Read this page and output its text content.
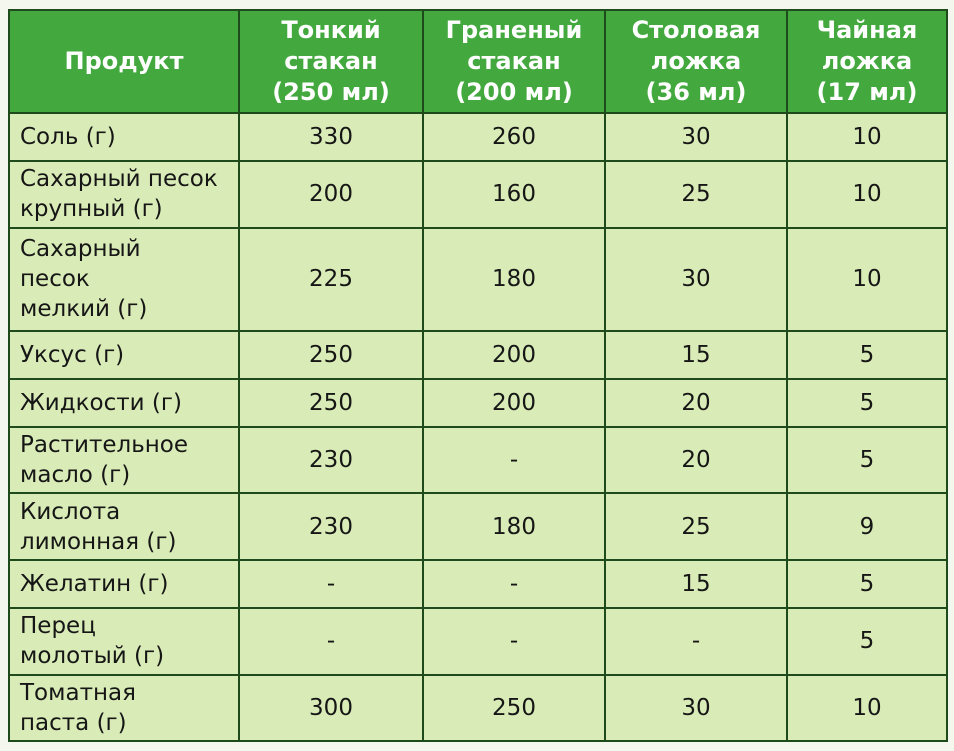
Продукт	Тонкий
стакан
(250 мл)	Граненый
стакан
(200 мл)	Столовая
ложка
(36 мл)	Чайная
ложка
(17 мл)

Соль (г)	330	260	30	10

Сахарный песок
крупный (г)	200	160	25	10

Сахарный
песок
мелкий (г)	225	180	30	10

Уксус (г)	250	200	15	5

Жидкости (г)	250	200	20	5

Растительное
масло (г)	230	-	20	5

Кислота
лимонная (г)	230	180	25	9

Желатин (г)	-	-	15	5

Перец
молотый (г)	-	-	-	5

Томатная
паста (г)	300	250	30	10
